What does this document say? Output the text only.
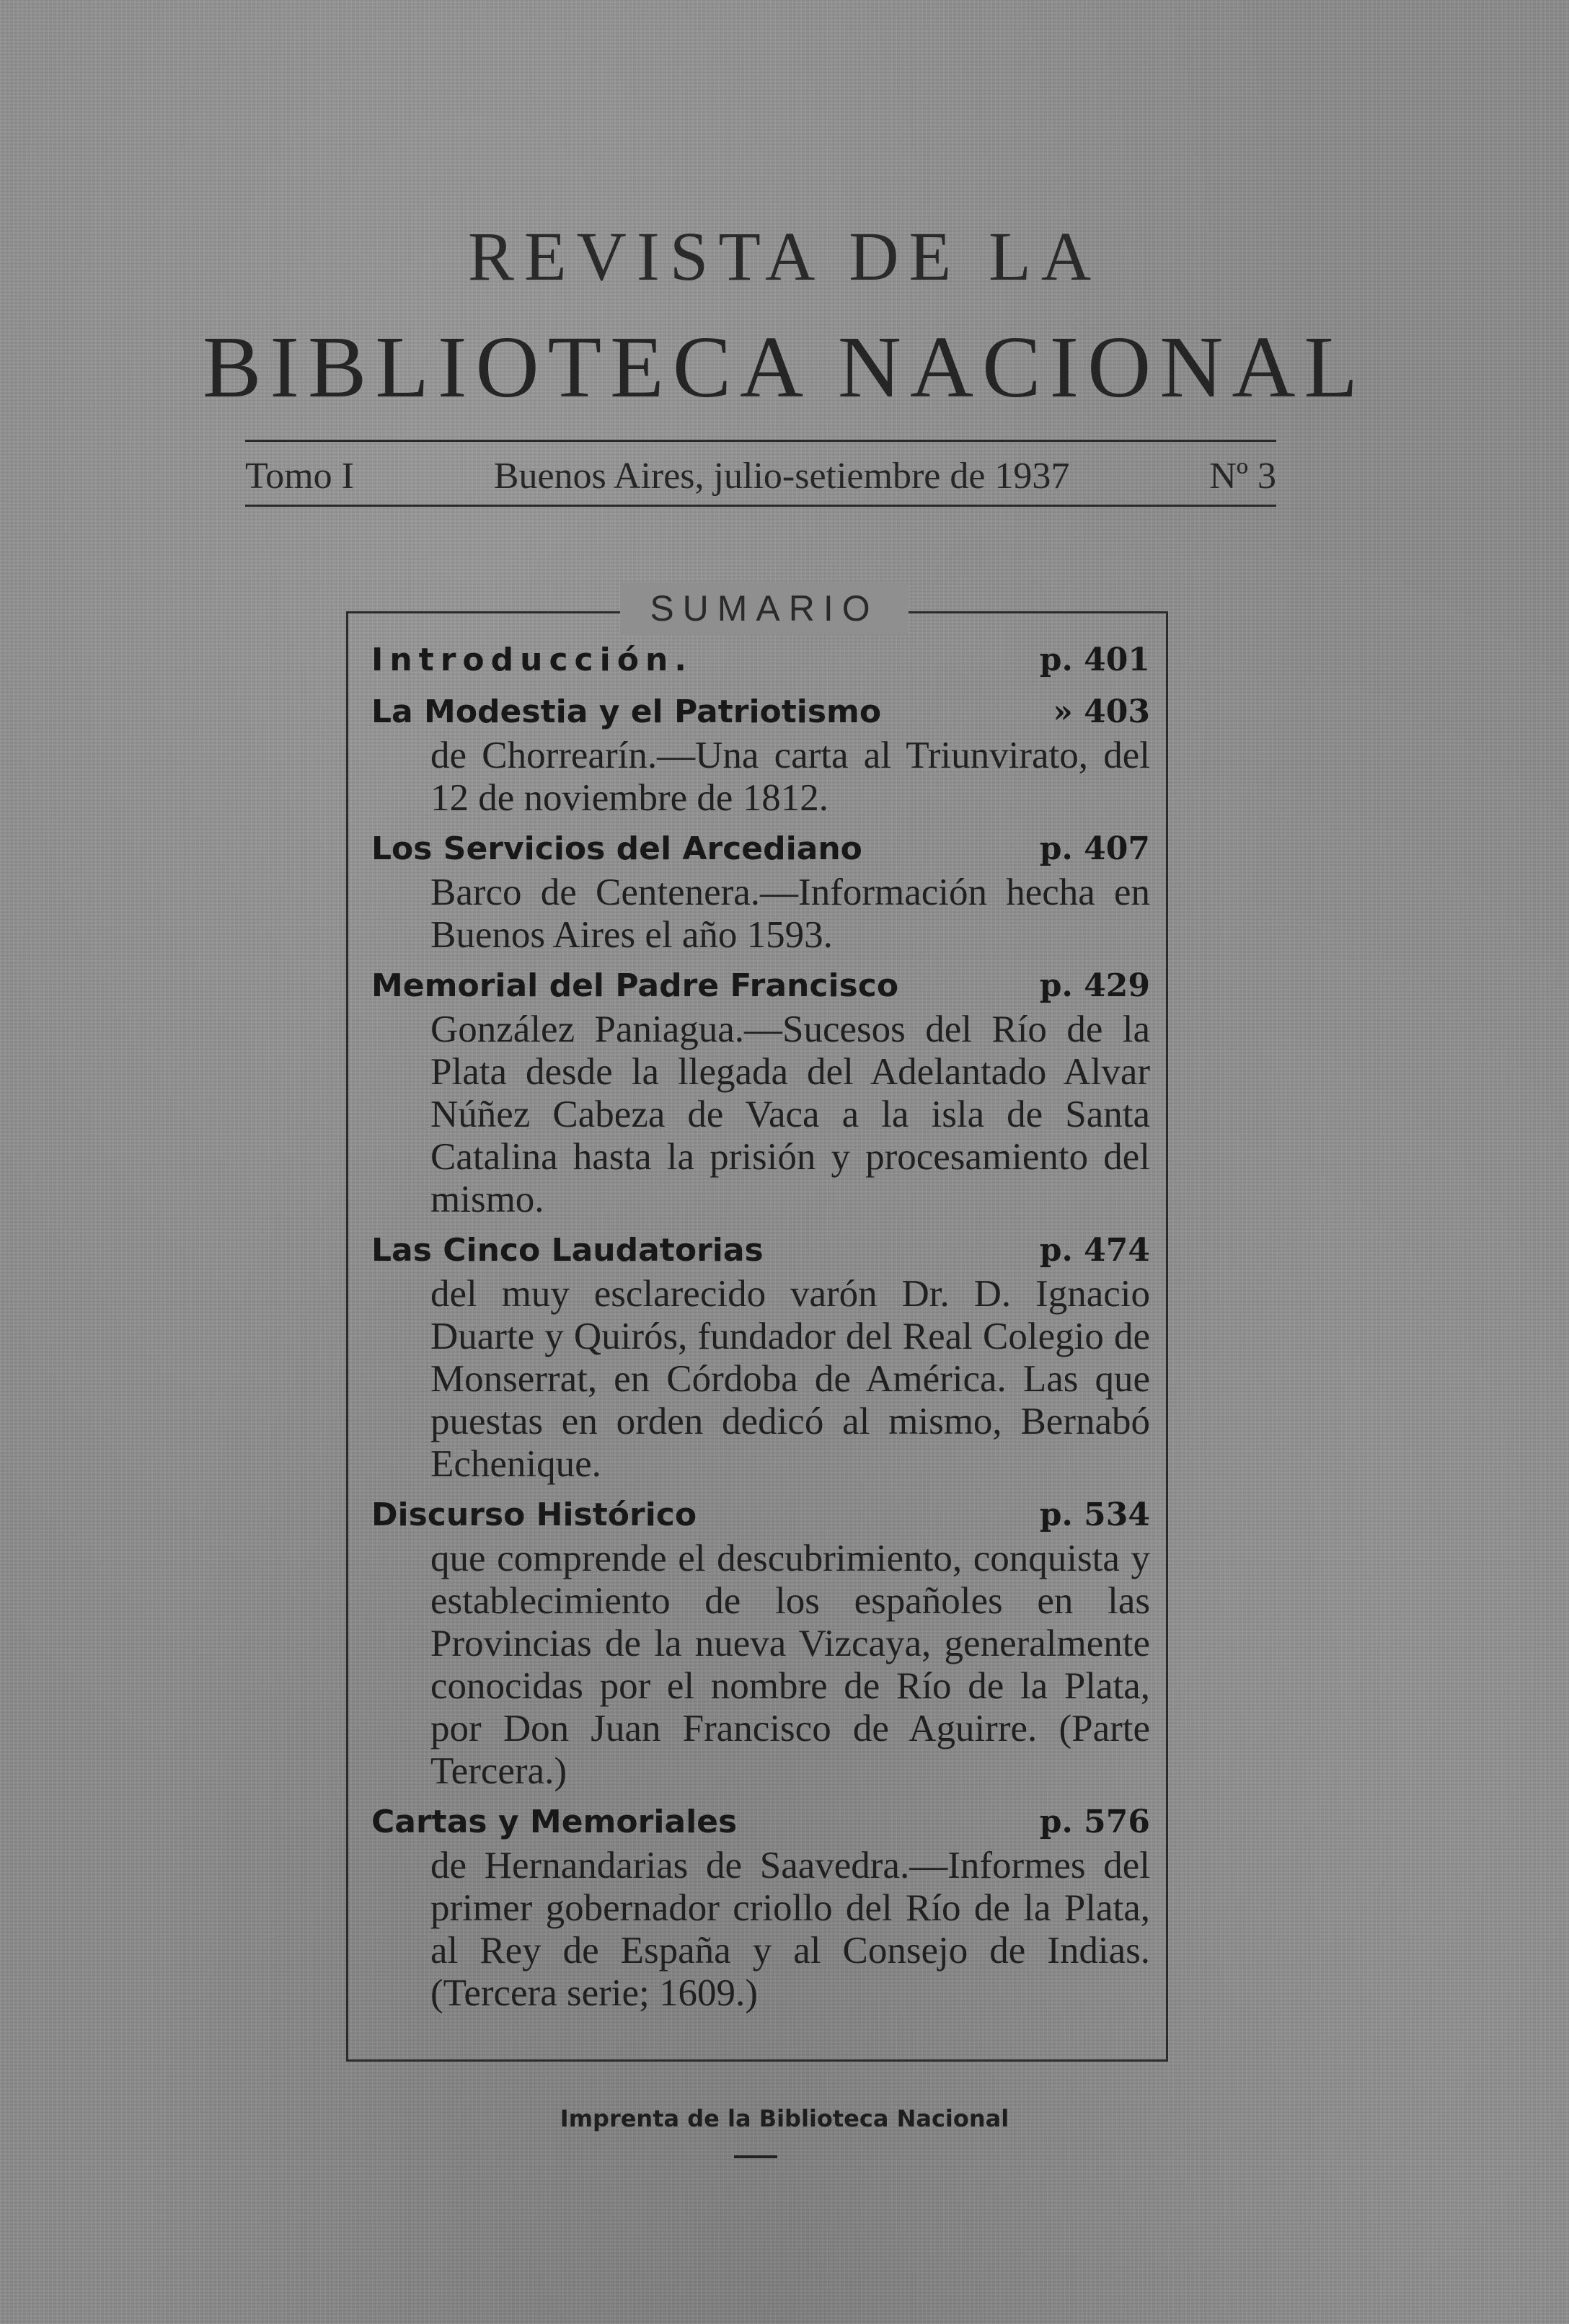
REVISTA DE LA
BIBLIOTECA NACIONAL
Tomo I	Buenos Aires, julio-setiembre de 1937	Nº 3
SUMARIO
Introducción.	p. 401
La Modestia y el Patriotismo	» 403
de Chorrearín.—Una carta al Triunvirato, del 12 de noviembre de 1812.
Los Servicios del Arcediano	p. 407
Barco de Centenera.—Información hecha en Buenos Aires el año 1593.
Memorial del Padre Francisco	p. 429
González Paniagua.—Sucesos del Río de la Plata desde la llegada del Adelantado Alvar Núñez Cabeza de Vaca a la isla de Santa Catalina hasta la prisión y procesamiento del mismo.
Las Cinco Laudatorias	p. 474
del muy esclarecido varón Dr. D. Ignacio Duarte y Quirós, fundador del Real Colegio de Monserrat, en Córdoba de América. Las que puestas en orden dedicó al mismo, Bernabó Echenique.
Discurso Histórico	p. 534
que comprende el descubrimiento, conquista y establecimiento de los españoles en las Provincias de la nueva Vizcaya, generalmente conocidas por el nombre de Río de la Plata, por Don Juan Francisco de Aguirre. (Parte Tercera.)
Cartas y Memoriales	p. 576
de Hernandarias de Saavedra.—Informes del primer gobernador criollo del Río de la Plata, al Rey de España y al Consejo de Indias. (Tercera serie; 1609.)
Imprenta de la Biblioteca Nacional
